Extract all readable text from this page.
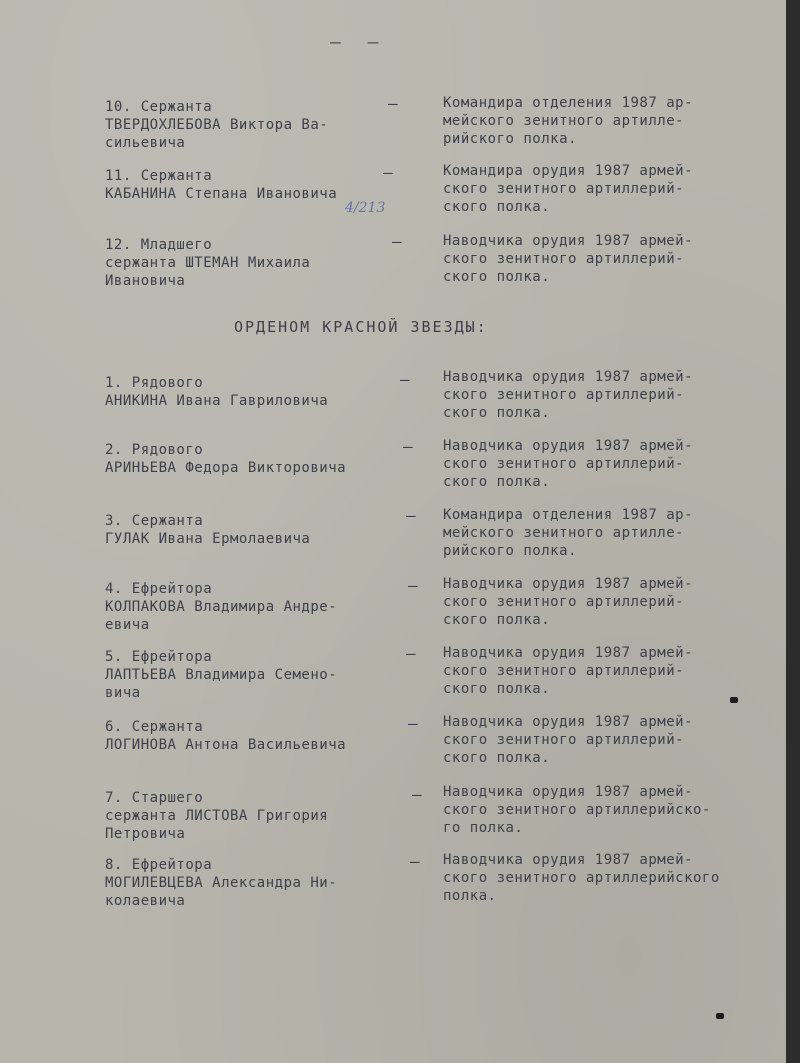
– –
10. Сержанта
ТВЕРДОХЛЕБОВА Виктора Ва-
сильевича
–	Командира отделения 1987 ар-
мейского зенитного артилле-
рийского полка.
11. Сержанта
КАБАНИНА Степана Ивановича
–	Командира орудия 1987 армей-
ского зенитного артиллерий-
ского полка.
4/213
12. Младшего
сержанта ШТЕМАН Михаила
Ивановича
–	Наводчика орудия 1987 армей-
ского зенитного артиллерий-
ского полка.
ОРДЕНОМ КРАСНОЙ ЗВЕЗДЫ:
1. Рядового
АНИКИНА Ивана Гавриловича
– Наводчика орудия 1987 армей-
ского зенитного артиллерий-
ского полка.
2. Рядового
АРИНЬЕВА Федора Викторовича
– Наводчика орудия 1987 армей-
ского зенитного артиллерий-
ского полка.
3. Сержанта
ГУЛАК Ивана Ермолаевича
– Командира отделения 1987 ар-
мейского зенитного артилле-
рийского полка.
4. Ефрейтора
КОЛПАКОВА Владимира Андре-
евича
– Наводчика орудия 1987 армей-
ского зенитного артиллерий-
ского полка.
5. Ефрейтора
ЛАПТЬЕВА Владимира Семено-
вича
– Наводчика орудия 1987 армей-
ского зенитного артиллерий-
ского полка.
6. Сержанта
ЛОГИНОВА Антона Васильевича
– Наводчика орудия 1987 армей-
ского зенитного артиллерий-
ского полка.
7. Старшего
сержанта ЛИСТОВА Григория
Петровича
– Наводчика орудия 1987 армей-
ского зенитного артиллерийско-
го полка.
8. Ефрейтора
МОГИЛЕВЦЕВА Александра Ни-
колаевича
– Наводчика орудия 1987 армей-
ского зенитного артиллерийского
полка.
